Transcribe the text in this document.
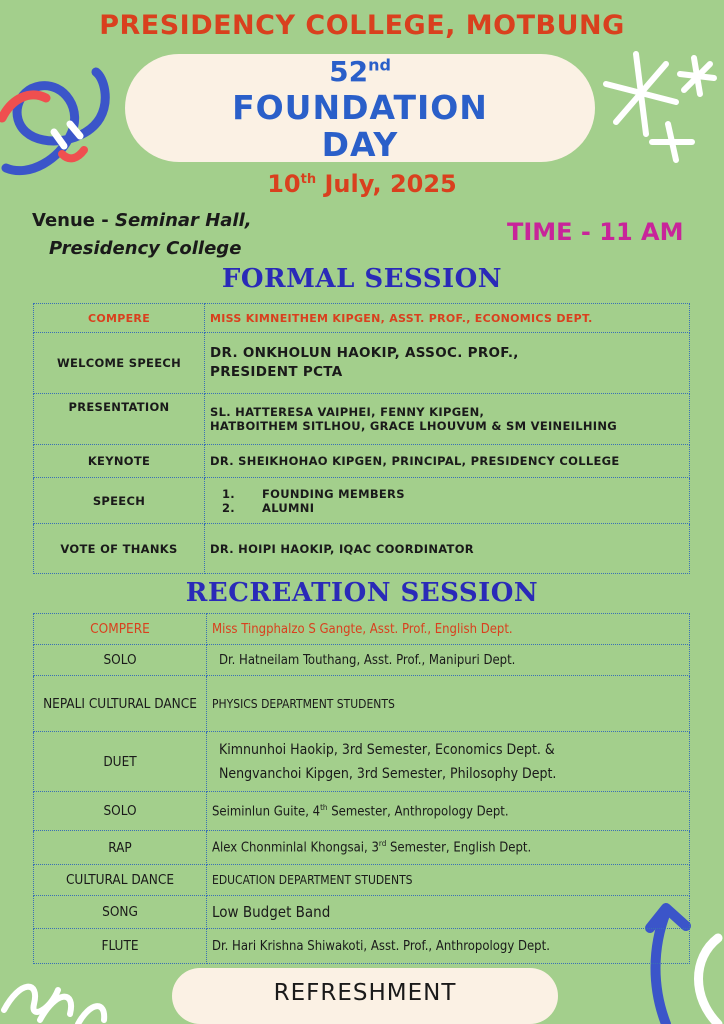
PRESIDENCY COLLEGE, MOTBUNG
52nd
FOUNDATION
DAY
10th July, 2025
Venue - Seminar Hall,
Presidency College
TIME - 11 AM
FORMAL SESSION
COMPERE	MISS KIMNEITHEM KIPGEN, ASST. PROF., ECONOMICS DEPT.
WELCOME SPEECH	DR. ONKHOLUN HAOKIP, ASSOC. PROF.,
PRESIDENT PCTA

PRESENTATION	SL. HATTERESA VAIPHEI, FENNY KIPGEN,
HATBOITHEM SITLHOU, GRACE LHOUVUM & SM VEINEILHING

KEYNOTE	DR. SHEIKHOHAO KIPGEN, PRINCIPAL, PRESIDENCY COLLEGE
SPEECH	1. FOUNDING MEMBERS
2. ALUMNI

VOTE OF THANKS	DR. HOIPI HAOKIP, IQAC COORDINATOR
RECREATION SESSION
COMPERE	Miss Tingphalzo S Gangte, Asst. Prof., English Dept.
SOLO	Dr. Hatneilam Touthang, Asst. Prof., Manipuri Dept.
NEPALI CULTURAL DANCE	PHYSICS DEPARTMENT STUDENTS
DUET	Kimnunhoi Haokip, 3rd Semester, Economics Dept. &
Nengvanchoi Kipgen, 3rd Semester, Philosophy Dept.

SOLO	Seiminlun Guite, 4th Semester, Anthropology Dept.
RAP	Alex Chonminlal Khongsai, 3rd Semester, English Dept.
CULTURAL DANCE	EDUCATION DEPARTMENT STUDENTS
SONG	Low Budget Band
FLUTE	Dr. Hari Krishna Shiwakoti, Asst. Prof., Anthropology Dept.
REFRESHMENT
